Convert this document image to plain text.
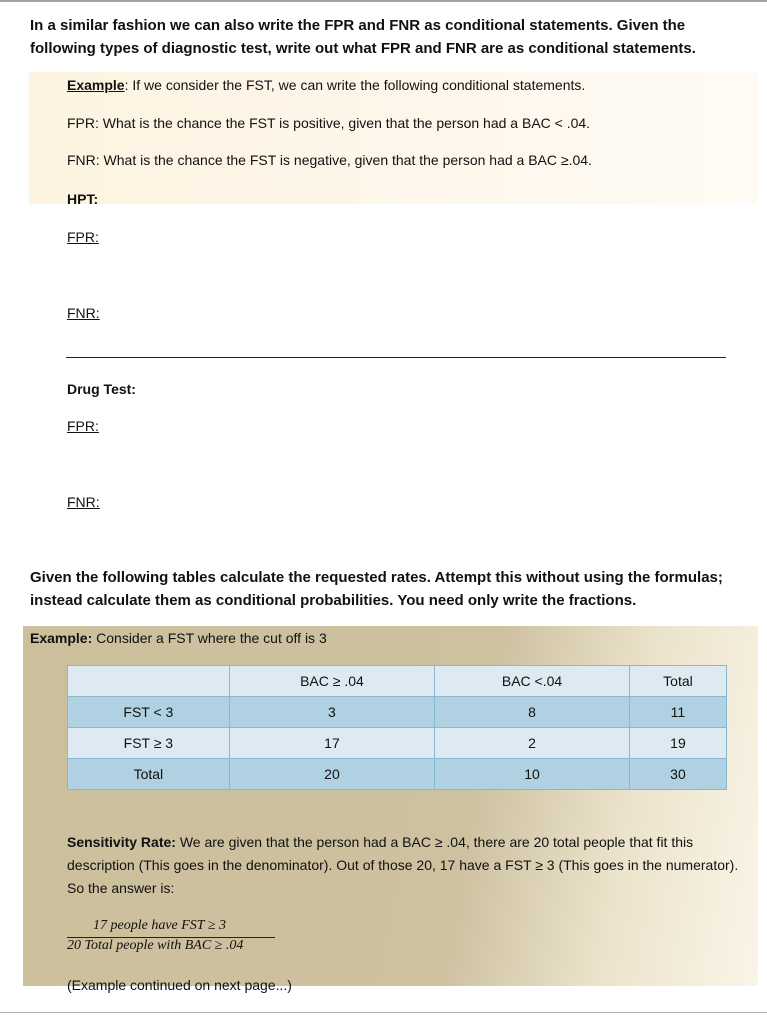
In a similar fashion we can also write the FPR and FNR as conditional statements. Given the following types of diagnostic test, write out what FPR and FNR are as conditional statements.
Example: If we consider the FST, we can write the following conditional statements.
FPR: What is the chance the FST is positive, given that the person had a BAC < .04.
FNR: What is the chance the FST is negative, given that the person had a BAC ≥.04.
HPT:
FPR:
FNR:
Drug Test:
FPR:
FNR:
Given the following tables calculate the requested rates. Attempt this without using the formulas; instead calculate them as conditional probabilities. You need only write the fractions.
Example: Consider a FST where the cut off is 3
	BAC ≥ .04	BAC <.04	Total
FST < 3	3	8	11
FST ≥ 3	17	2	19
Total	20	10	30
Sensitivity Rate: We are given that the person had a BAC ≥ .04, there are 20 total people that fit this description (This goes in the denominator). Out of those 20, 17 have a FST ≥ 3 (This goes in the numerator). So the answer is:
17 people have FST ≥ 3
20 Total people with BAC ≥ .04
(Example continued on next page...)
